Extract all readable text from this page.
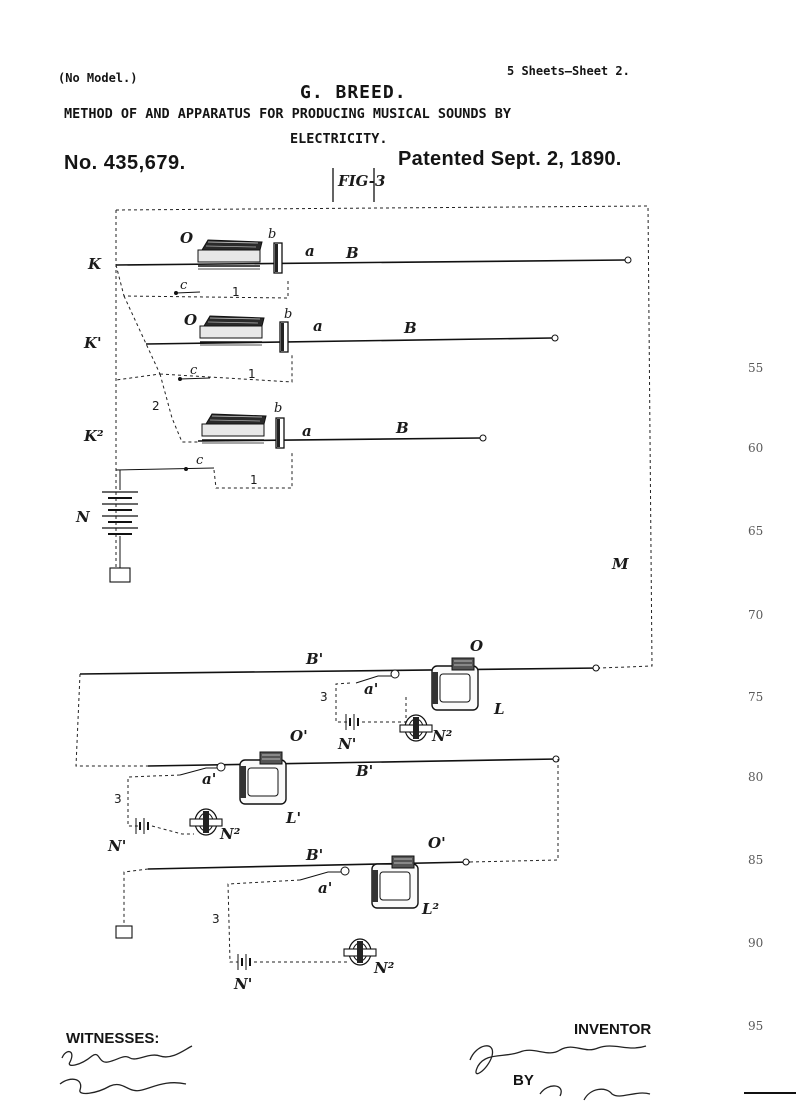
(No Model.)	5 Sheets—Sheet 2.
G. BREED.
METHOD OF AND APPARATUS FOR PRODUCING MUSICAL SOUNDS BY
ELECTRICITY.
No. 435,679.	Patented Sept. 2, 1890.
55
60
65
70
75
80
85
90
95
WITNESSES:
INVENTOR
BY
FIG-3
M
K
O	b
a B
c	1
K'
O	b
a	B
c	1
2
K²
b
a	B
c
1
N
O
B'
a'
L
3
N'	N²
O'
B'
a'
L'
3
N'
N²	O'
B'
a'
L²
3
N'
N²
